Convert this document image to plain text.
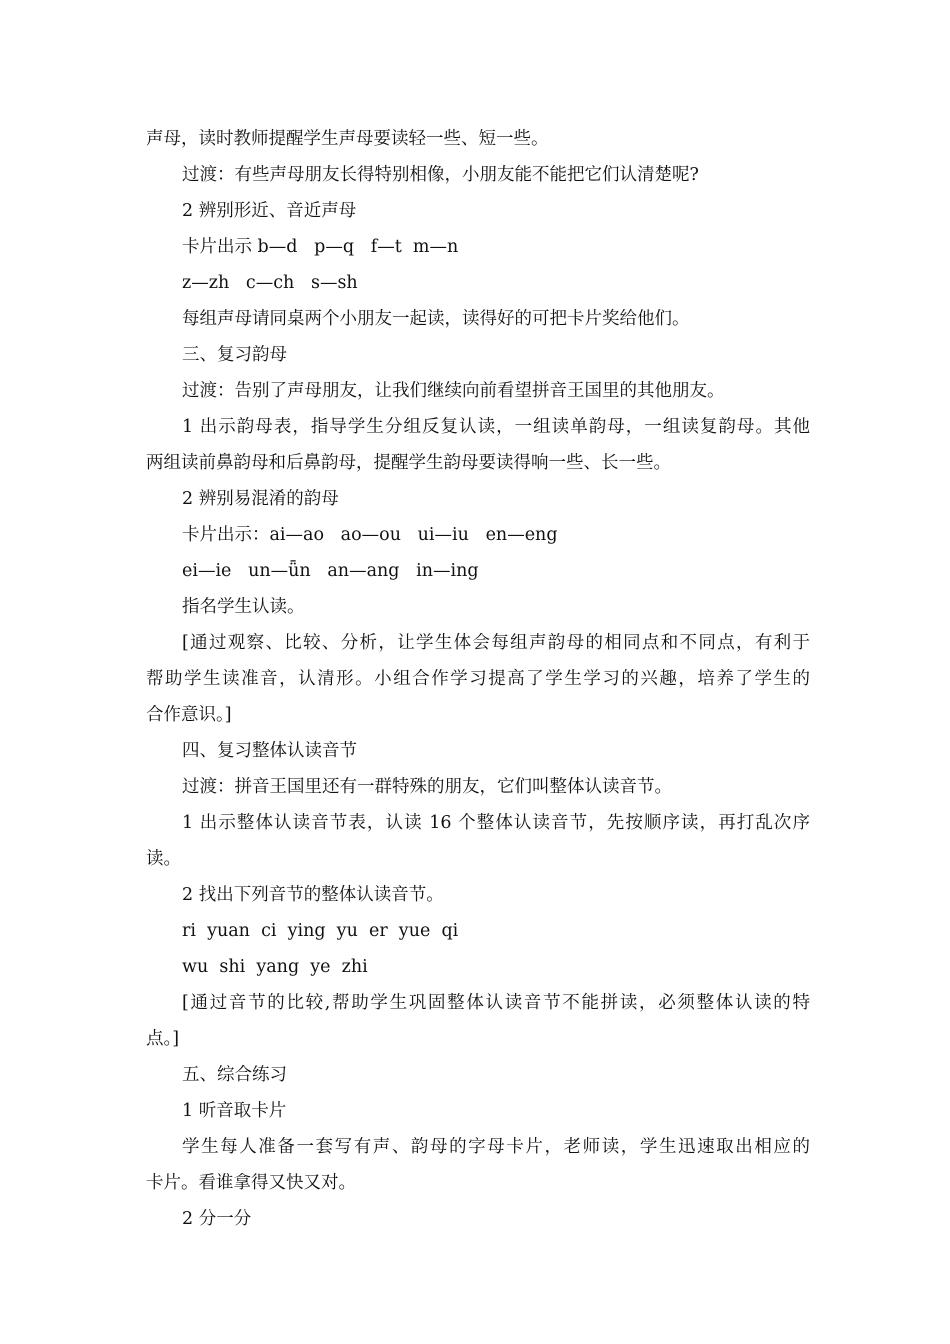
声母，读时教师提醒学生声母要读轻一些、短一些。
过渡：有些声母朋友长得特别相像，小朋友能不能把它们认清楚呢?
2 辨别形近、音近声母
卡片出示 b—d   p—q   f—t  m—n
z—zh   c—ch   s—sh
每组声母请同桌两个小朋友一起读，读得好的可把卡片奖给他们。
三、复习韵母
过渡：告别了声母朋友，让我们继续向前看望拼音王国里的其他朋友。
1 出示韵母表，指导学生分组反复认读，一组读单韵母，一组读复韵母。其他
两组读前鼻韵母和后鼻韵母，提醒学生韵母要读得响一些、长一些。
2 辨别易混淆的韵母
卡片出示：ai—ao   ao—ou   ui—iu   en—eng
ei—ie   un—ǖn   an—ang   in—ing
指名学生认读。
[通过观察、比较、分析，让学生体会每组声韵母的相同点和不同点，有利于
帮助学生读准音，认清形。小组合作学习提高了学生学习的兴趣，培养了学生的
合作意识。]
四、复习整体认读音节
过渡：拼音王国里还有一群特殊的朋友，它们叫整体认读音节。
1 出示整体认读音节表，认读 16 个整体认读音节，先按顺序读，再打乱次序
读。
2 找出下列音节的整体认读音节。
ri  yuan  ci  ying  yu  er  yue  qi
wu  shi  yang  ye  zhi
[通过音节的比较,帮助学生巩固整体认读音节不能拼读，必须整体认读的特
点。]
五、综合练习
1 听音取卡片
学生每人准备一套写有声、韵母的字母卡片，老师读，学生迅速取出相应的
卡片。看谁拿得又快又对。
2 分一分
